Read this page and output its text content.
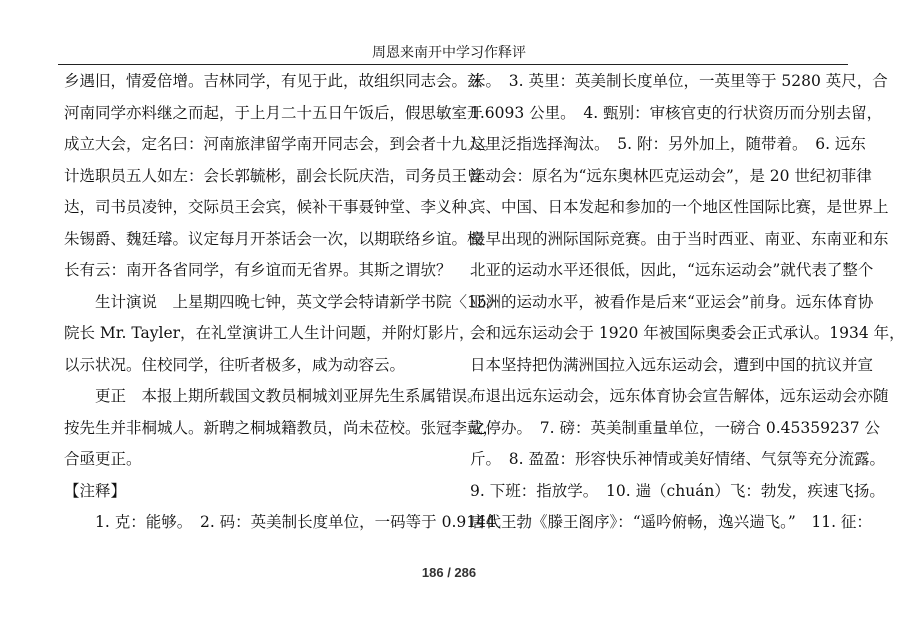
周恩来南开中学习作释评
乡遇旧，情爱倍增。吉林同学，有见于此，故组织同志会。兹
河南同学亦料继之而起，于上月二十五日午饭后，假思敏室开
成立大会，定名曰：河南旅津留学南开同志会，到会者十九人。
计选职员五人如左：会长郭毓彬，副会长阮庆浩，司务员王曾
达，司书员凌钟，交际员王会宾，候补干事聂钟堂、李义种、
朱锡爵、魏廷璿。议定每月开茶话会一次，以期联络乡谊。校
长有云：南开各省同学，有乡谊而无省界。其斯之谓欤？
　　生计演说　上星期四晚七钟，英文学会特请新学书院〈15〉
院长 Mr. Tayler，在礼堂演讲工人生计问题，并附灯影片，
以示状况。住校同学，往听者极多，咸为动容云。
　　更正　本报上期所载国文教员桐城刘亚屏先生系属错误。
按先生并非桐城人。新聘之桐城籍教员，尚未莅校。张冠李戴，
合亟更正。
【注释】
　　1. 克：能够。　2. 码：英美制长度单位，一码等于 0.9144
米。　3. 英里：英美制长度单位，一英里等于 5280 英尺，合
1.6093 公里。　4. 甄别：审核官吏的行状资历而分别去留，
这里泛指选择淘汰。　5. 附：另外加上，随带着。　6. 远东
运动会：原名为“远东奥林匹克运动会”，是 20 世纪初菲律
宾、中国、日本发起和参加的一个地区性国际比赛，是世界上
最早出现的洲际国际竞赛。由于当时西亚、南亚、东南亚和东
北亚的运动水平还很低，因此，“远东运动会”就代表了整个
亚洲的运动水平，被看作是后来“亚运会”前身。远东体育协
会和远东运动会于 1920 年被国际奥委会正式承认。1934 年，
日本坚持把伪满洲国拉入远东运动会，遭到中国的抗议并宣
布退出远东运动会，远东体育协会宣告解体，远东运动会亦随
之停办。　7. 磅：英美制重量单位，一磅合 0.45359237 公
斤。　8. 盈盈：形容快乐神情或美好情绪、气氛等充分流露。
9. 下班：指放学。　10. 遄（chuán）飞：勃发，疾速飞扬。
唐代王勃《滕王阁序》：“遥吟俯畅，逸兴遄飞。”　11. 征：
186 / 286
